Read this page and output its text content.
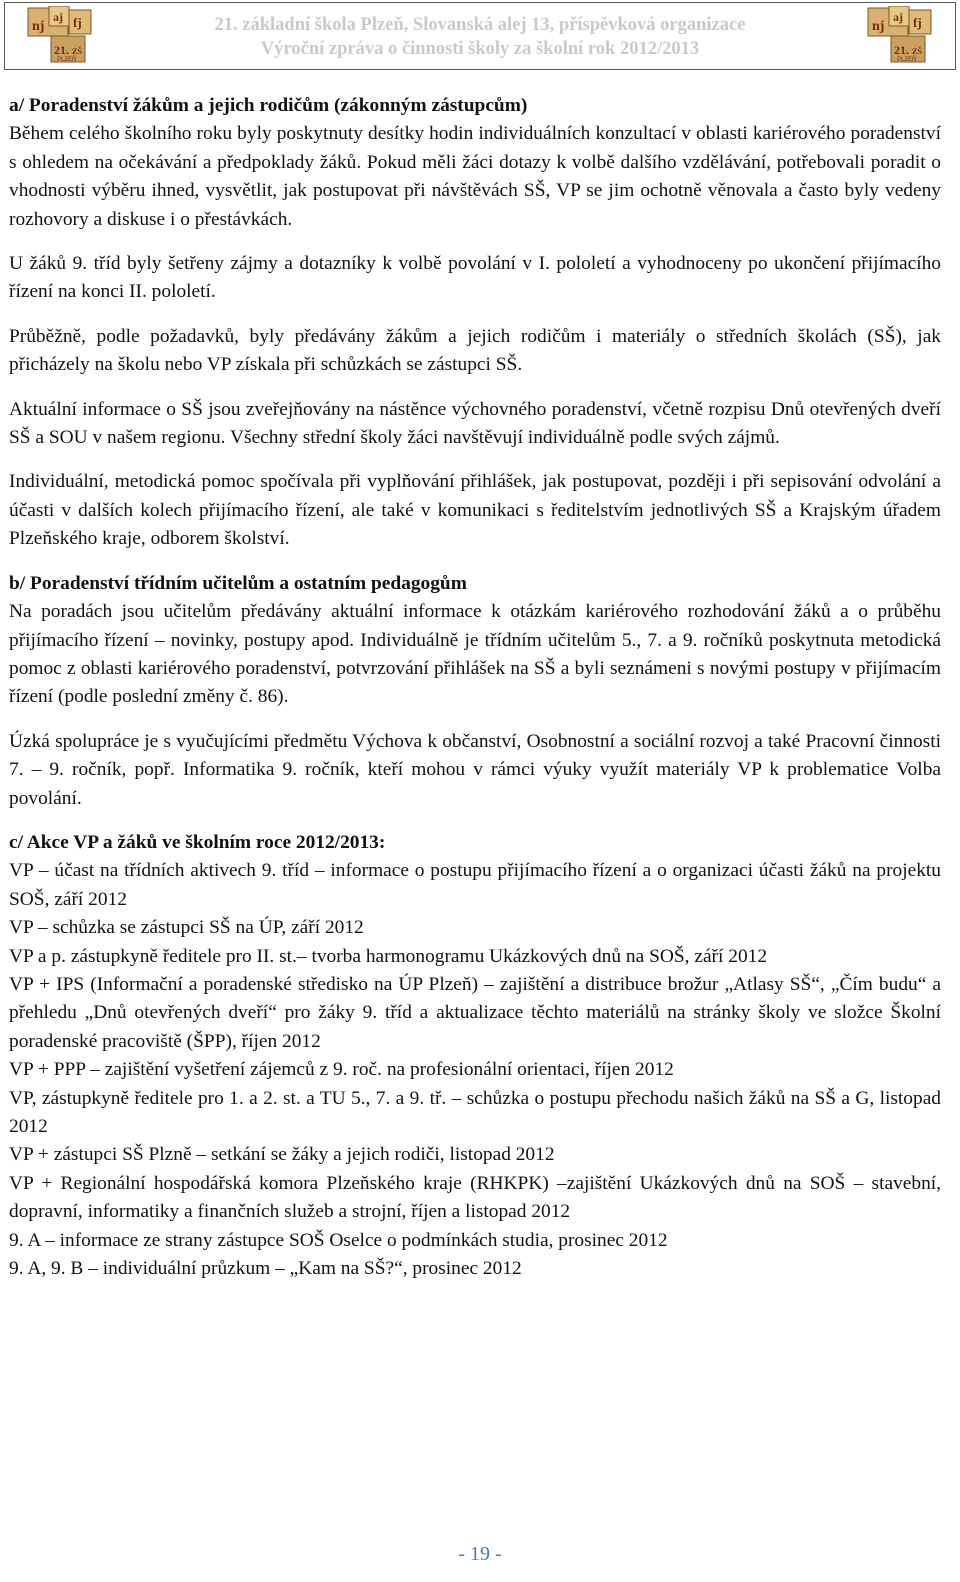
nj
aj fj
21. ZŠ
PLZEŇ
21. základní škola Plzeň, Slovanská alej 13, příspěvková organizace
Výroční zpráva o činnosti školy za školní rok 2012/2013
nj
aj fj
21. ZŠ
PLZEŇ

a/ Poradenství žákům a jejich rodičům (zákonným zástupcům)

Během celého školního roku byly poskytnuty desítky hodin individuálních konzultací v oblasti kariérového poradenství s ohledem na očekávání a předpoklady žáků. Pokud měli žáci dotazy k volbě dalšího vzdělávání, potřebovali poradit o vhodnosti výběru ihned, vysvětlit, jak postupovat při návštěvách SŠ, VP se jim ochotně věnovala a často byly vedeny rozhovory a diskuse i o přestávkách.

U žáků 9. tříd byly šetřeny zájmy a dotazníky k volbě povolání v I. pololetí a vyhodnoceny po ukončení přijímacího řízení na konci II. pololetí.

Průběžně, podle požadavků, byly předávány žákům a jejich rodičům i materiály o středních školách (SŠ), jak přicházely na školu nebo VP získala při schůzkách se zástupci SŠ.

Aktuální informace o SŠ jsou zveřejňovány na nástěnce výchovného poradenství, včetně rozpisu Dnů otevřených dveří SŠ a SOU v našem regionu. Všechny střední školy žáci navštěvují individuálně podle svých zájmů.

Individuální, metodická pomoc spočívala při vyplňování přihlášek, jak postupovat, později i při sepisování odvolání a účasti v dalších kolech přijímacího řízení, ale také v komunikaci s ředitelstvím jednotlivých SŠ a Krajským úřadem Plzeňského kraje, odborem školství.

b/ Poradenství třídním učitelům a ostatním pedagogům

Na poradách jsou učitelům předávány aktuální informace k otázkám kariérového rozhodování žáků a o průběhu přijímacího řízení – novinky, postupy apod. Individuálně je třídním učitelům 5., 7. a 9. ročníků poskytnuta metodická pomoc z oblasti kariérového poradenství, potvrzování přihlášek na SŠ a byli seznámeni s novými postupy v přijímacím řízení (podle poslední změny č. 86).

Úzká spolupráce je s vyučujícími předmětu Výchova k občanství, Osobnostní a sociální rozvoj a také Pracovní činnosti 7. – 9. ročník, popř. Informatika 9. ročník, kteří mohou v rámci výuky využít materiály VP k problematice Volba povolání.

c/ Akce VP a žáků ve školním roce 2012/2013:

VP – účast na třídních aktivech 9. tříd – informace o postupu přijímacího řízení a o organizaci účasti žáků na projektu SOŠ, září 2012

VP – schůzka se zástupci SŠ na ÚP, září 2012

VP a p. zástupkyně ředitele pro II. st.– tvorba harmonogramu Ukázkových dnů na SOŠ, září 2012

VP + IPS (Informační a poradenské středisko na ÚP Plzeň) – zajištění a distribuce brožur „Atlasy SŠ“, „Čím budu“ a přehledu „Dnů otevřených dveří“ pro žáky 9. tříd a aktualizace těchto materiálů na stránky školy ve složce Školní poradenské pracoviště (ŠPP), říjen 2012

VP + PPP – zajištění vyšetření zájemců z 9. roč. na profesionální orientaci, říjen 2012

VP, zástupkyně ředitele pro 1. a 2. st. a TU 5., 7. a 9. tř. – schůzka o postupu přechodu našich žáků na SŠ a G, listopad 2012

VP + zástupci SŠ Plzně – setkání se žáky a jejich rodiči, listopad 2012

VP + Regionální hospodářská komora Plzeňského kraje (RHKPK) –zajištění Ukázkových dnů na SOŠ – stavební, dopravní, informatiky a finančních služeb a strojní, říjen a listopad 2012

9. A – informace ze strany zástupce SOŠ Oselce o podmínkách studia, prosinec 2012

9. A, 9. B – individuální průzkum – „Kam na SŠ?“, prosinec 2012

- 19 -
